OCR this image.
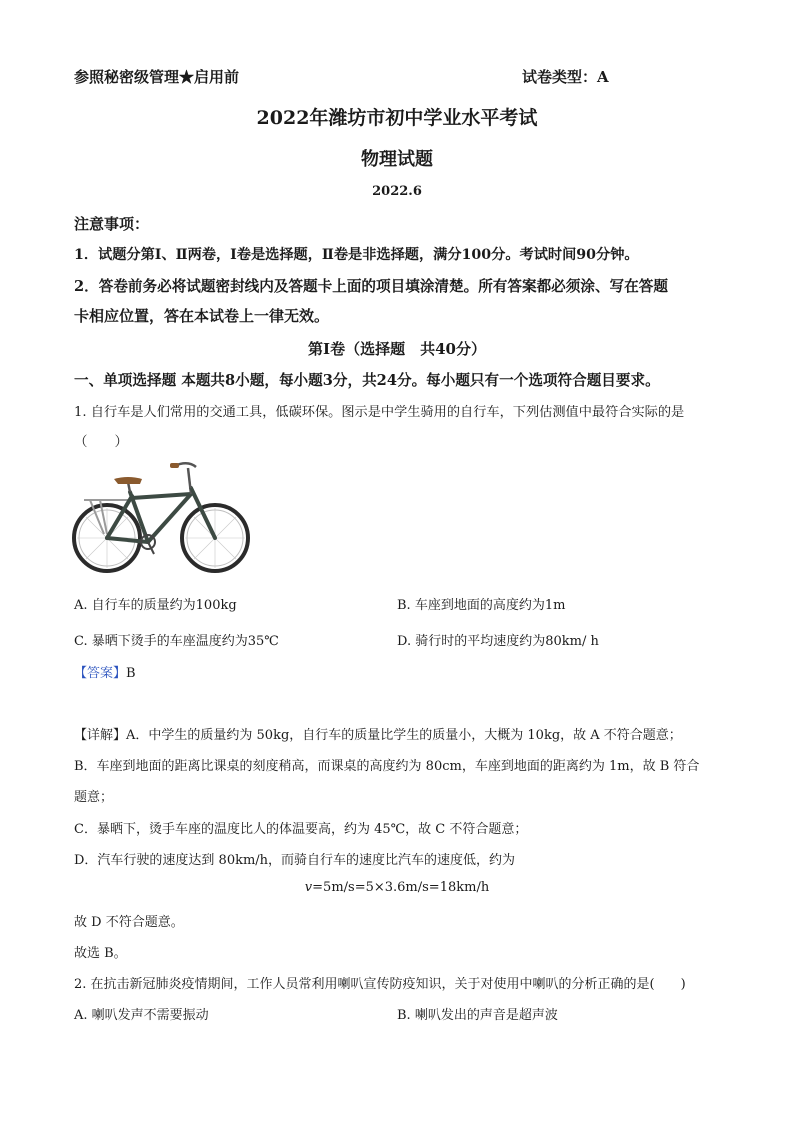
参照秘密级管理★启用前	试卷类型：A
2022年潍坊市初中学业水平考试
物理试题
2022.6
注意事项：
1．试题分第Ⅰ、Ⅱ两卷，Ⅰ卷是选择题，Ⅱ卷是非选择题，满分100分。考试时间90分钟。
2．答卷前务必将试题密封线内及答题卡上面的项目填涂清楚。所有答案都必须涂、写在答题
卡相应位置，答在本试卷上一律无效。
第Ⅰ卷（选择题　共40分）
一、单项选择题 本题共8小题，每小题3分，共24分。每小题只有一个选项符合题目要求。
1. 自行车是人们常用的交通工具，低碳环保。图示是中学生骑用的自行车，下列估测值中最符合实际的是
（　　）
A. 自行车的质量约为100kg	B. 车座到地面的高度约为1m
C. 暴晒下烫手的车座温度约为35℃	D. 骑行时的平均速度约为80km/ h
【答案】B
【详解】A．中学生的质量约为 50kg，自行车的质量比学生的质量小，大概为 10kg，故 A 不符合题意；
B．车座到地面的距离比课桌的刻度稍高，而课桌的高度约为 80cm，车座到地面的距离约为 1m，故 B 符合
题意；
C．暴晒下，烫手车座的温度比人的体温要高，约为 45℃，故 C 不符合题意；
D．汽车行驶的速度达到 80km/h，而骑自行车的速度比汽车的速度低，约为
v=5m/s=5×3.6m/s=18km/h
故 D 不符合题意。
故选 B。
2. 在抗击新冠肺炎疫情期间，工作人员常利用喇叭宣传防疫知识，关于对使用中喇叭的分析正确的是(　　)
A. 喇叭发声不需要振动	B. 喇叭发出的声音是超声波
